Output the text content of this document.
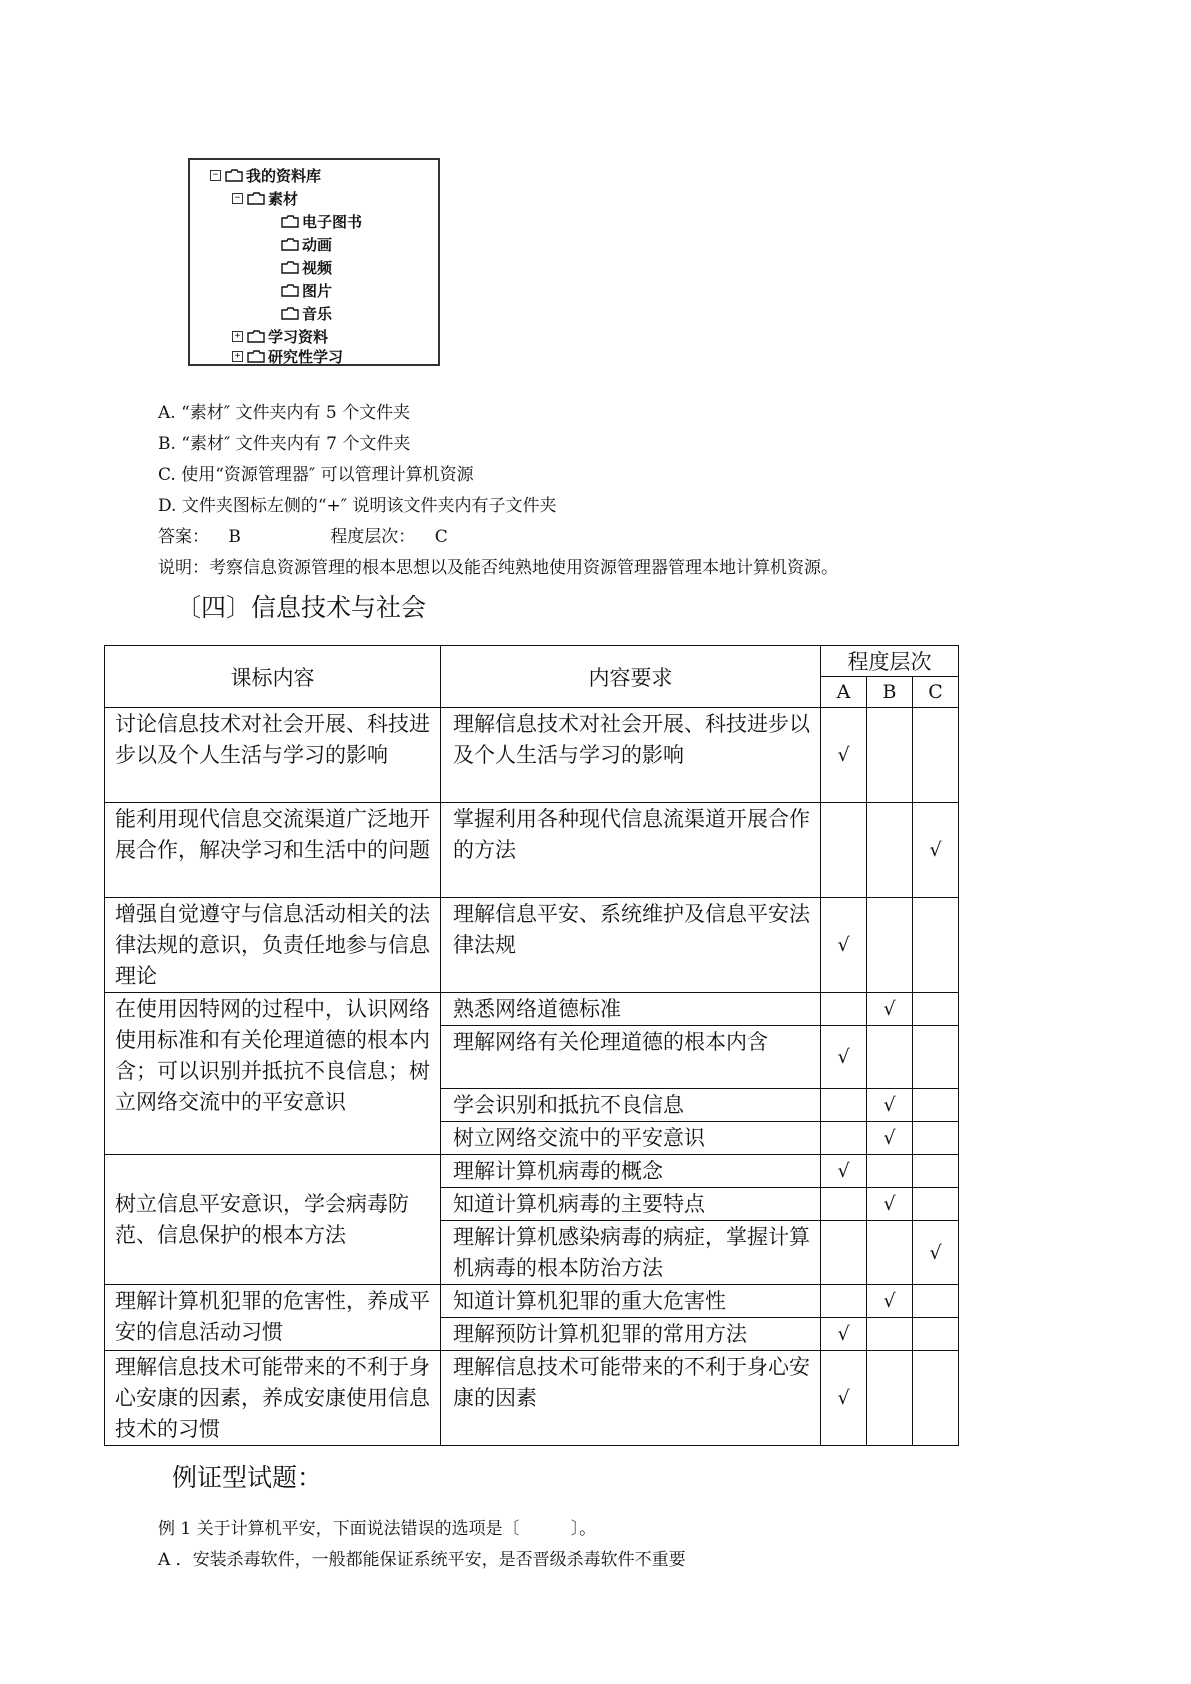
− 我的资料库
− 素材
电子图书
动画
视频
图片
音乐
+ 学习资料
+ 研究性学习
A. “素材″ 文件夹内有 5 个文件夹
B. “素材″ 文件夹内有 7 个文件夹
C. 使用“资源管理器″ 可以管理计算机资源
D. 文件夹图标左侧的“+″ 说明该文件夹内有子文件夹
答案： B	程度层次： C
说明：考察信息资源管理的根本思想以及能否纯熟地使用资源管理器管理本地计算机资源。
〔四〕信息技术与社会
课标内容	内容要求	程度层次		
		A	B	C
讨论信息技术对社会开展、科技进步以及个人生活与学习的影响	理解信息技术对社会开展、科技进步以及个人生活与学习的影响	√		
能利用现代信息交流渠道广泛地开展合作，解决学习和生活中的问题	掌握利用各种现代信息流渠道开展合作的方法			√
增强自觉遵守与信息活动相关的法律法规的意识，负责任地参与信息理论	理解信息平安、系统维护及信息平安法律法规	√		
在使用因特网的过程中，认识网络使用标准和有关伦理道德的根本内含；可以识别并抵抗不良信息；树立网络交流中的平安意识	熟悉网络道德标准		√	
	理解网络有关伦理道德的根本内含	√		
	学会识别和抵抗不良信息		√	
	树立网络交流中的平安意识		√	
树立信息平安意识，学会病毒防范、信息保护的根本方法	理解计算机病毒的概念	√		
	知道计算机病毒的主要特点		√	
	理解计算机感染病毒的病症，掌握计算机病毒的根本防治方法			√
理解计算机犯罪的危害性，养成平安的信息活动习惯	知道计算机犯罪的重大危害性		√	
	理解预防计算机犯罪的常用方法	√		
理解信息技术可能带来的不利于身心安康的因素，养成安康使用信息技术的习惯	理解信息技术可能带来的不利于身心安康的因素	√		
例证型试题：
例 1 关于计算机平安，下面说法错误的选项是〔　　　〕。
A ．安装杀毒软件，一般都能保证系统平安，是否晋级杀毒软件不重要
